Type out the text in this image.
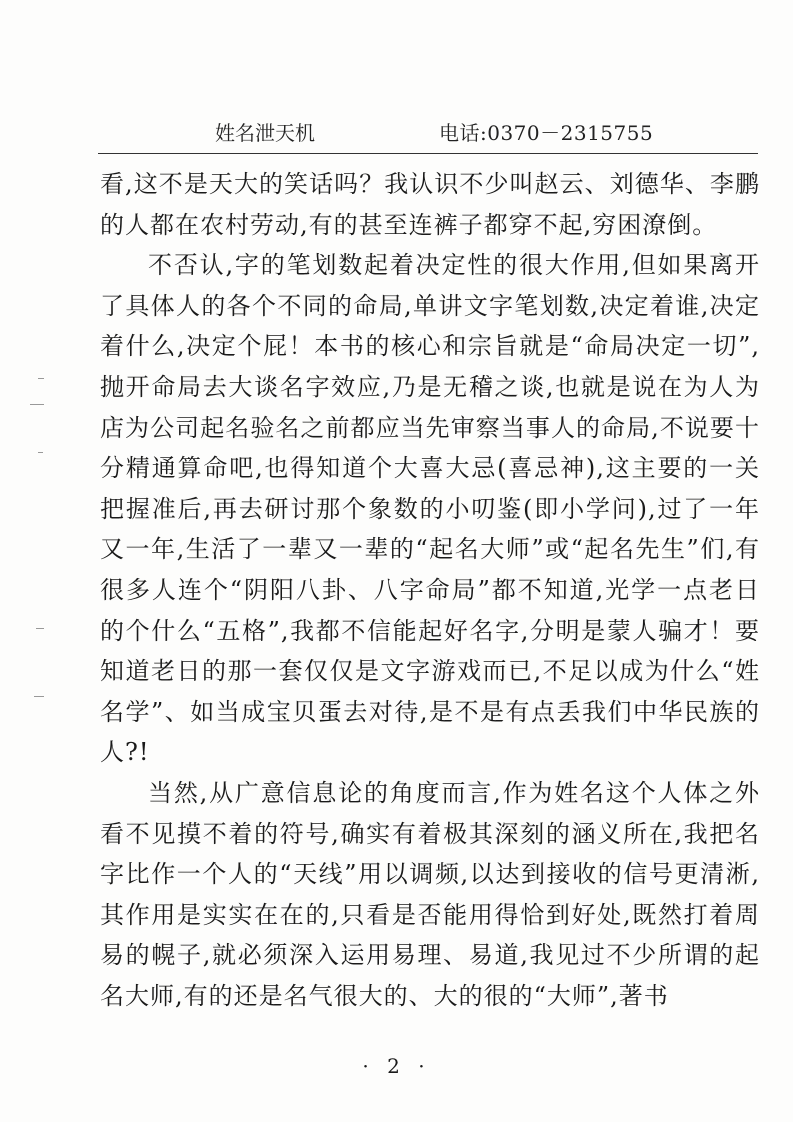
姓名泄天机	电话:0370－2315755

看,这不是天大的笑话吗？我认识不少叫赵云、刘德华、李鹏的人都在农村劳动,有的甚至连裤子都穿不起,穷困潦倒。

不否认,字的笔划数起着决定性的很大作用,但如果离开了具体人的各个不同的命局,单讲文字笔划数,决定着谁,决定着什么,决定个屁！本书的核心和宗旨就是“命局决定一切”,抛开命局去大谈名字效应,乃是无稽之谈,也就是说在为人为店为公司起名验名之前都应当先审察当事人的命局,不说要十分精通算命吧,也得知道个大喜大忌(喜忌神),这主要的一关把握准后,再去研讨那个象数的小叨鉴(即小学问),过了一年又一年,生活了一辈又一辈的“起名大师”或“起名先生”们,有很多人连个“阴阳八卦、八字命局”都不知道,光学一点老日的个什么“五格”,我都不信能起好名字,分明是蒙人骗才！要知道老日的那一套仅仅是文字游戏而已,不足以成为什么“姓名学”、如当成宝贝蛋去对待,是不是有点丢我们中华民族的人?!

当然,从广意信息论的角度而言,作为姓名这个人体之外看不见摸不着的符号,确实有着极其深刻的涵义所在,我把名字比作一个人的“天线”用以调频,以达到接收的信号更清淅,其作用是实实在在的,只看是否能用得恰到好处,既然打着周易的幌子,就必须深入运用易理、易道,我见过不少所谓的起名大师,有的还是名气很大的、大的很的“大师”,著书

· 2 ·
